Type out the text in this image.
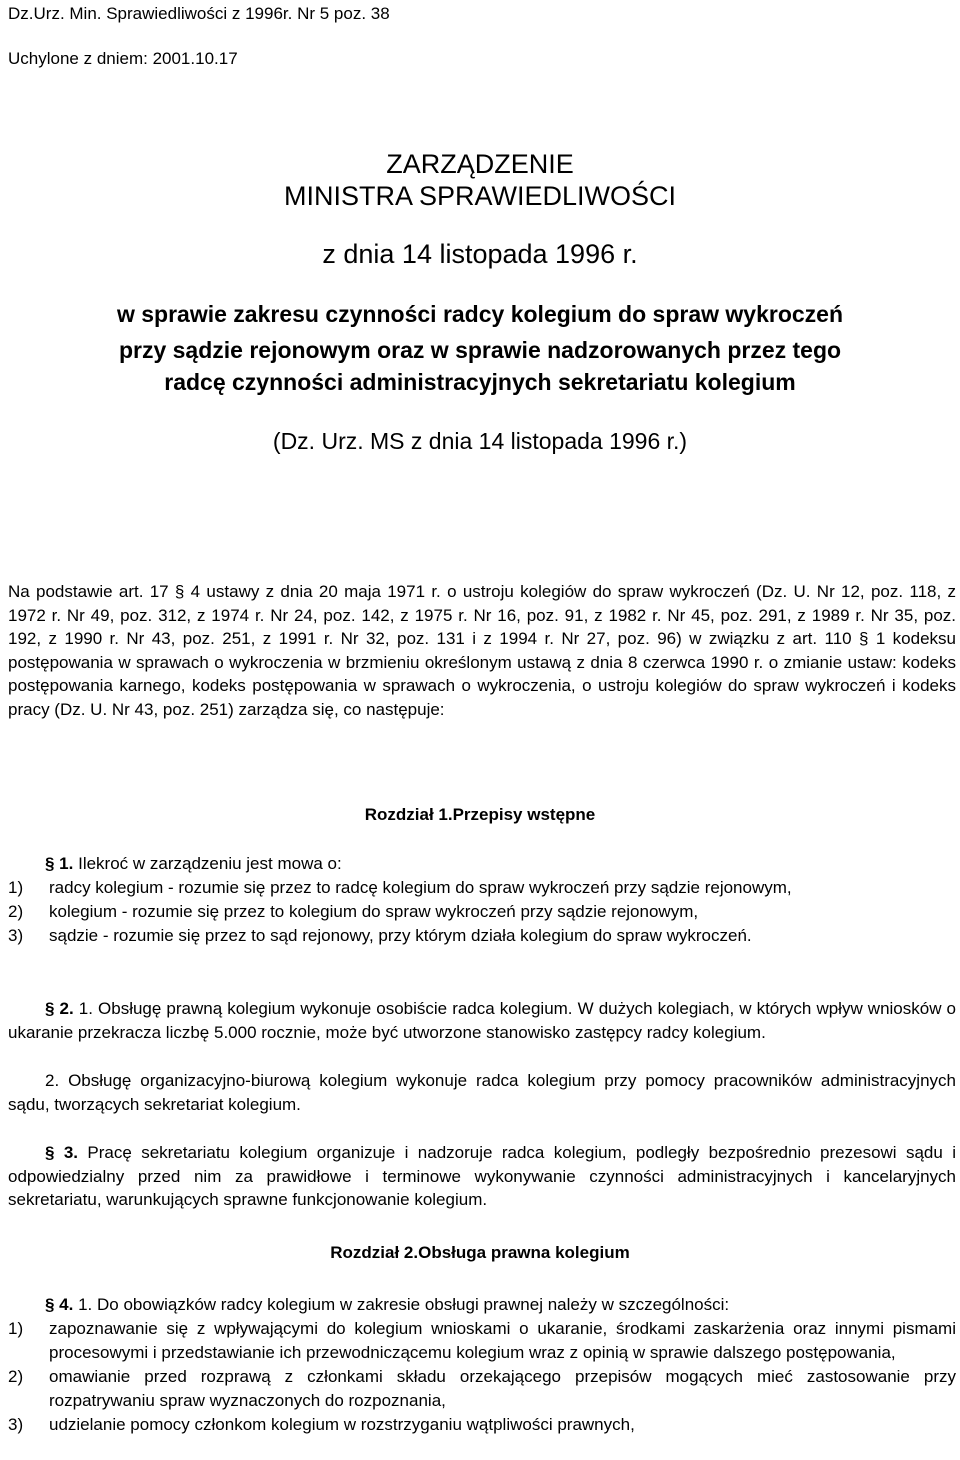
Dz.Urz. Min. Sprawiedliwości z 1996r. Nr 5 poz. 38
Uchylone z dniem: 2001.10.17
ZARZĄDZENIE
MINISTRA SPRAWIEDLIWOŚCI
z dnia 14 listopada 1996 r.
w sprawie zakresu czynności radcy kolegium do spraw wykroczeń
przy sądzie rejonowym oraz w sprawie nadzorowanych przez tego
radcę czynności administracyjnych sekretariatu kolegium
(Dz. Urz. MS z dnia 14 listopada 1996 r.)
Na podstawie art. 17 § 4 ustawy z dnia 20 maja 1971 r. o ustroju kolegiów do spraw wykroczeń (Dz. U. Nr 12, poz. 118, z 1972 r. Nr 49, poz. 312, z 1974 r. Nr 24, poz. 142, z 1975 r. Nr 16, poz. 91, z 1982 r. Nr 45, poz. 291, z 1989 r. Nr 35, poz. 192, z 1990 r. Nr 43, poz. 251, z 1991 r. Nr 32, poz. 131 i z 1994 r. Nr 27, poz. 96) w związku z art. 110 § 1 kodeksu postępowania w sprawach o wykroczenia w brzmieniu określonym ustawą z dnia 8 czerwca 1990 r. o zmianie ustaw: kodeks postępowania karnego, kodeks postępowania w sprawach o wykroczenia, o ustroju kolegiów do spraw wykroczeń i kodeks pracy (Dz. U. Nr 43, poz. 251) zarządza się, co następuje:
Rozdział 1.Przepisy wstępne
§ 1. Ilekroć w zarządzeniu jest mowa o:
1)	radcy kolegium - rozumie się przez to radcę kolegium do spraw wykroczeń przy sądzie rejonowym,
2)	kolegium - rozumie się przez to kolegium do spraw wykroczeń przy sądzie rejonowym,
3)	sądzie - rozumie się przez to sąd rejonowy, przy którym działa kolegium do spraw wykroczeń.
§ 2. 1. Obsługę prawną kolegium wykonuje osobiście radca kolegium. W dużych kolegiach, w których wpływ wniosków o ukaranie przekracza liczbę 5.000 rocznie, może być utworzone stanowisko zastępcy radcy kolegium.
2. Obsługę organizacyjno-biurową kolegium wykonuje radca kolegium przy pomocy pracowników administracyjnych sądu, tworzących sekretariat kolegium.
§ 3. Pracę sekretariatu kolegium organizuje i nadzoruje radca kolegium, podległy bezpośrednio prezesowi sądu i odpowiedzialny przed nim za prawidłowe i terminowe wykonywanie czynności administracyjnych i kancelaryjnych sekretariatu, warunkujących sprawne funkcjonowanie kolegium.
Rozdział 2.Obsługa prawna kolegium
§ 4. 1. Do obowiązków radcy kolegium w zakresie obsługi prawnej należy w szczególności:
1)	zapoznawanie się z wpływającymi do kolegium wnioskami o ukaranie, środkami zaskarżenia oraz innymi pismami procesowymi i przedstawianie ich przewodniczącemu kolegium wraz z opinią w sprawie dalszego postępowania,
2)	omawianie przed rozprawą z członkami składu orzekającego przepisów mogących mieć zastosowanie przy rozpatrywaniu spraw wyznaczonych do rozpoznania,
3)	udzielanie pomocy członkom kolegium w rozstrzyganiu wątpliwości prawnych,
